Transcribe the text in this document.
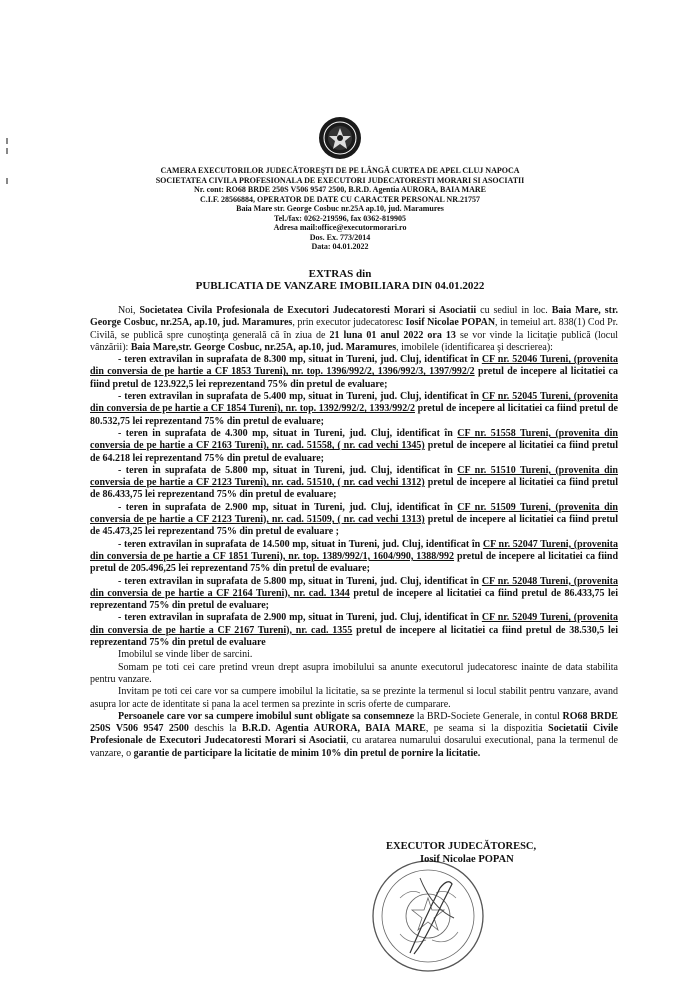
CAMERA EXECUTORILOR JUDECĂTOREŞTI DE PE LÂNGĂ CURTEA DE APEL CLUJ NAPOCA
SOCIETATEA CIVILA PROFESIONALA DE EXECUTORI JUDECATORESTI MORARI SI ASOCIATII
Nr. cont: RO68 BRDE 250S V506 9547 2500, B.R.D. Agentia AURORA, BAIA MARE
C.I.F. 28566884, OPERATOR DE DATE CU CARACTER PERSONAL NR.21757
Baia Mare str. George Cosbuc nr.25A ap.10, jud. Maramures
Tel./fax: 0262-219596, fax 0362-819905
Adresa mail:office@executormorari.ro
Dos. Ex. 773/2014
Data: 04.01.2022
EXTRAS din
PUBLICATIA DE VANZARE IMOBILIARA DIN 04.01.2022

Noi, Societatea Civila Profesionala de Executori Judecatoresti Morari si Asociatii cu sediul in loc. Baia Mare, str. George Cosbuc, nr.25A, ap.10, jud. Maramures, prin executor judecatoresc Iosif Nicolae POPAN, in temeiul art. 838(1) Cod Pr. Civilă, se publică spre cunoştinţa generală că în ziua de 21 luna 01 anul 2022 ora 13 se vor vinde la licitaţie publică (locul vânzării): Baia Mare,str. George Cosbuc, nr.25A, ap.10, jud. Maramures, imobilele (identificarea şi descrierea):

- teren extravilan in suprafata de 8.300 mp, situat in Tureni, jud. Cluj, identificat în CF nr. 52046 Tureni, (provenita din conversia de pe hartie a CF 1853 Tureni), nr. top. 1396/992/2, 1396/992/3, 1397/992/2 pretul de incepere al licitatiei ca fiind pretul de 123.922,5 lei reprezentand 75% din pretul de evaluare;

- teren extravilan in suprafata de 5.400 mp, situat in Tureni, jud. Cluj, identificat în CF nr. 52045 Tureni, (provenita din conversia de pe hartie a CF 1854 Tureni), nr. top. 1392/992/2, 1393/992/2 pretul de incepere al licitatiei ca fiind pretul de 80.532,75 lei reprezentand 75% din pretul de evaluare;

- teren in suprafata de 4.300 mp, situat in Tureni, jud. Cluj, identificat în CF nr. 51558 Tureni, (provenita din conversia de pe hartie a CF 2163 Tureni), nr. cad. 51558, ( nr. cad vechi 1345) pretul de incepere al licitatiei ca fiind pretul de 64.218 lei reprezentand 75% din pretul de evaluare;

- teren in suprafata de 5.800 mp, situat in Tureni, jud. Cluj, identificat în CF nr. 51510 Tureni, (provenita din conversia de pe hartie a CF 2123 Tureni), nr. cad. 51510, ( nr. cad vechi 1312) pretul de incepere al licitatiei ca fiind pretul de 86.433,75 lei reprezentand 75% din pretul de evaluare;

- teren in suprafata de 2.900 mp, situat in Tureni, jud. Cluj, identificat în CF nr. 51509 Tureni, (provenita din conversia de pe hartie a CF 2123 Tureni), nr. cad. 51509, ( nr. cad vechi 1313) pretul de incepere al licitatiei ca fiind pretul de 45.473,25 lei reprezentand 75% din pretul de evaluare ;

- teren extravilan in suprafata de 14.500 mp, situat in Tureni, jud. Cluj, identificat în CF nr. 52047 Tureni, (provenita din conversia de pe hartie a CF 1851 Tureni), nr. top. 1389/992/1, 1604/990, 1388/992 pretul de incepere al licitatiei ca fiind pretul de 205.496,25 lei reprezentand 75% din pretul de evaluare;

- teren extravilan in suprafata de 5.800 mp, situat in Tureni, jud. Cluj, identificat în CF nr. 52048 Tureni, (provenita din conversia de pe hartie a CF 2164 Tureni), nr. cad. 1344 pretul de incepere al licitatiei ca fiind pretul de 86.433,75 lei reprezentand 75% din pretul de evaluare;

- teren extravilan in suprafata de 2.900 mp, situat in Tureni, jud. Cluj, identificat în CF nr. 52049 Tureni, (provenita din conversia de pe hartie a CF 2167 Tureni), nr. cad. 1355 pretul de incepere al licitatiei ca fiind pretul de 38.530,5 lei reprezentand 75% din pretul de evaluare

Imobilul se vinde liber de sarcini.

Somam pe toti cei care pretind vreun drept asupra imobilului sa anunte executorul judecatoresc inainte de data stabilita pentru vanzare.

Invitam pe toti cei care vor sa cumpere imobilul la licitatie, sa se prezinte la termenul si locul stabilit pentru vanzare, avand asupra lor acte de identitate si pana la acel termen sa prezinte in scris oferte de cumparare.

Persoanele care vor sa cumpere imobilul sunt obligate sa consemneze la BRD-Societe Generale, in contul RO68 BRDE 250S V506 9547 2500 deschis la B.R.D. Agentia AURORA, BAIA MARE, pe seama si la dispozitia Societatii Civile Profesionale de Executori Judecatoresti Morari si Asociatii, cu aratarea numarului dosarului executional, pana la termenul de vanzare, o garantie de participare la licitatie de minim 10% din pretul de pornire la licitatie.

EXECUTOR JUDECĂTORESC,
Iosif Nicolae POPAN
